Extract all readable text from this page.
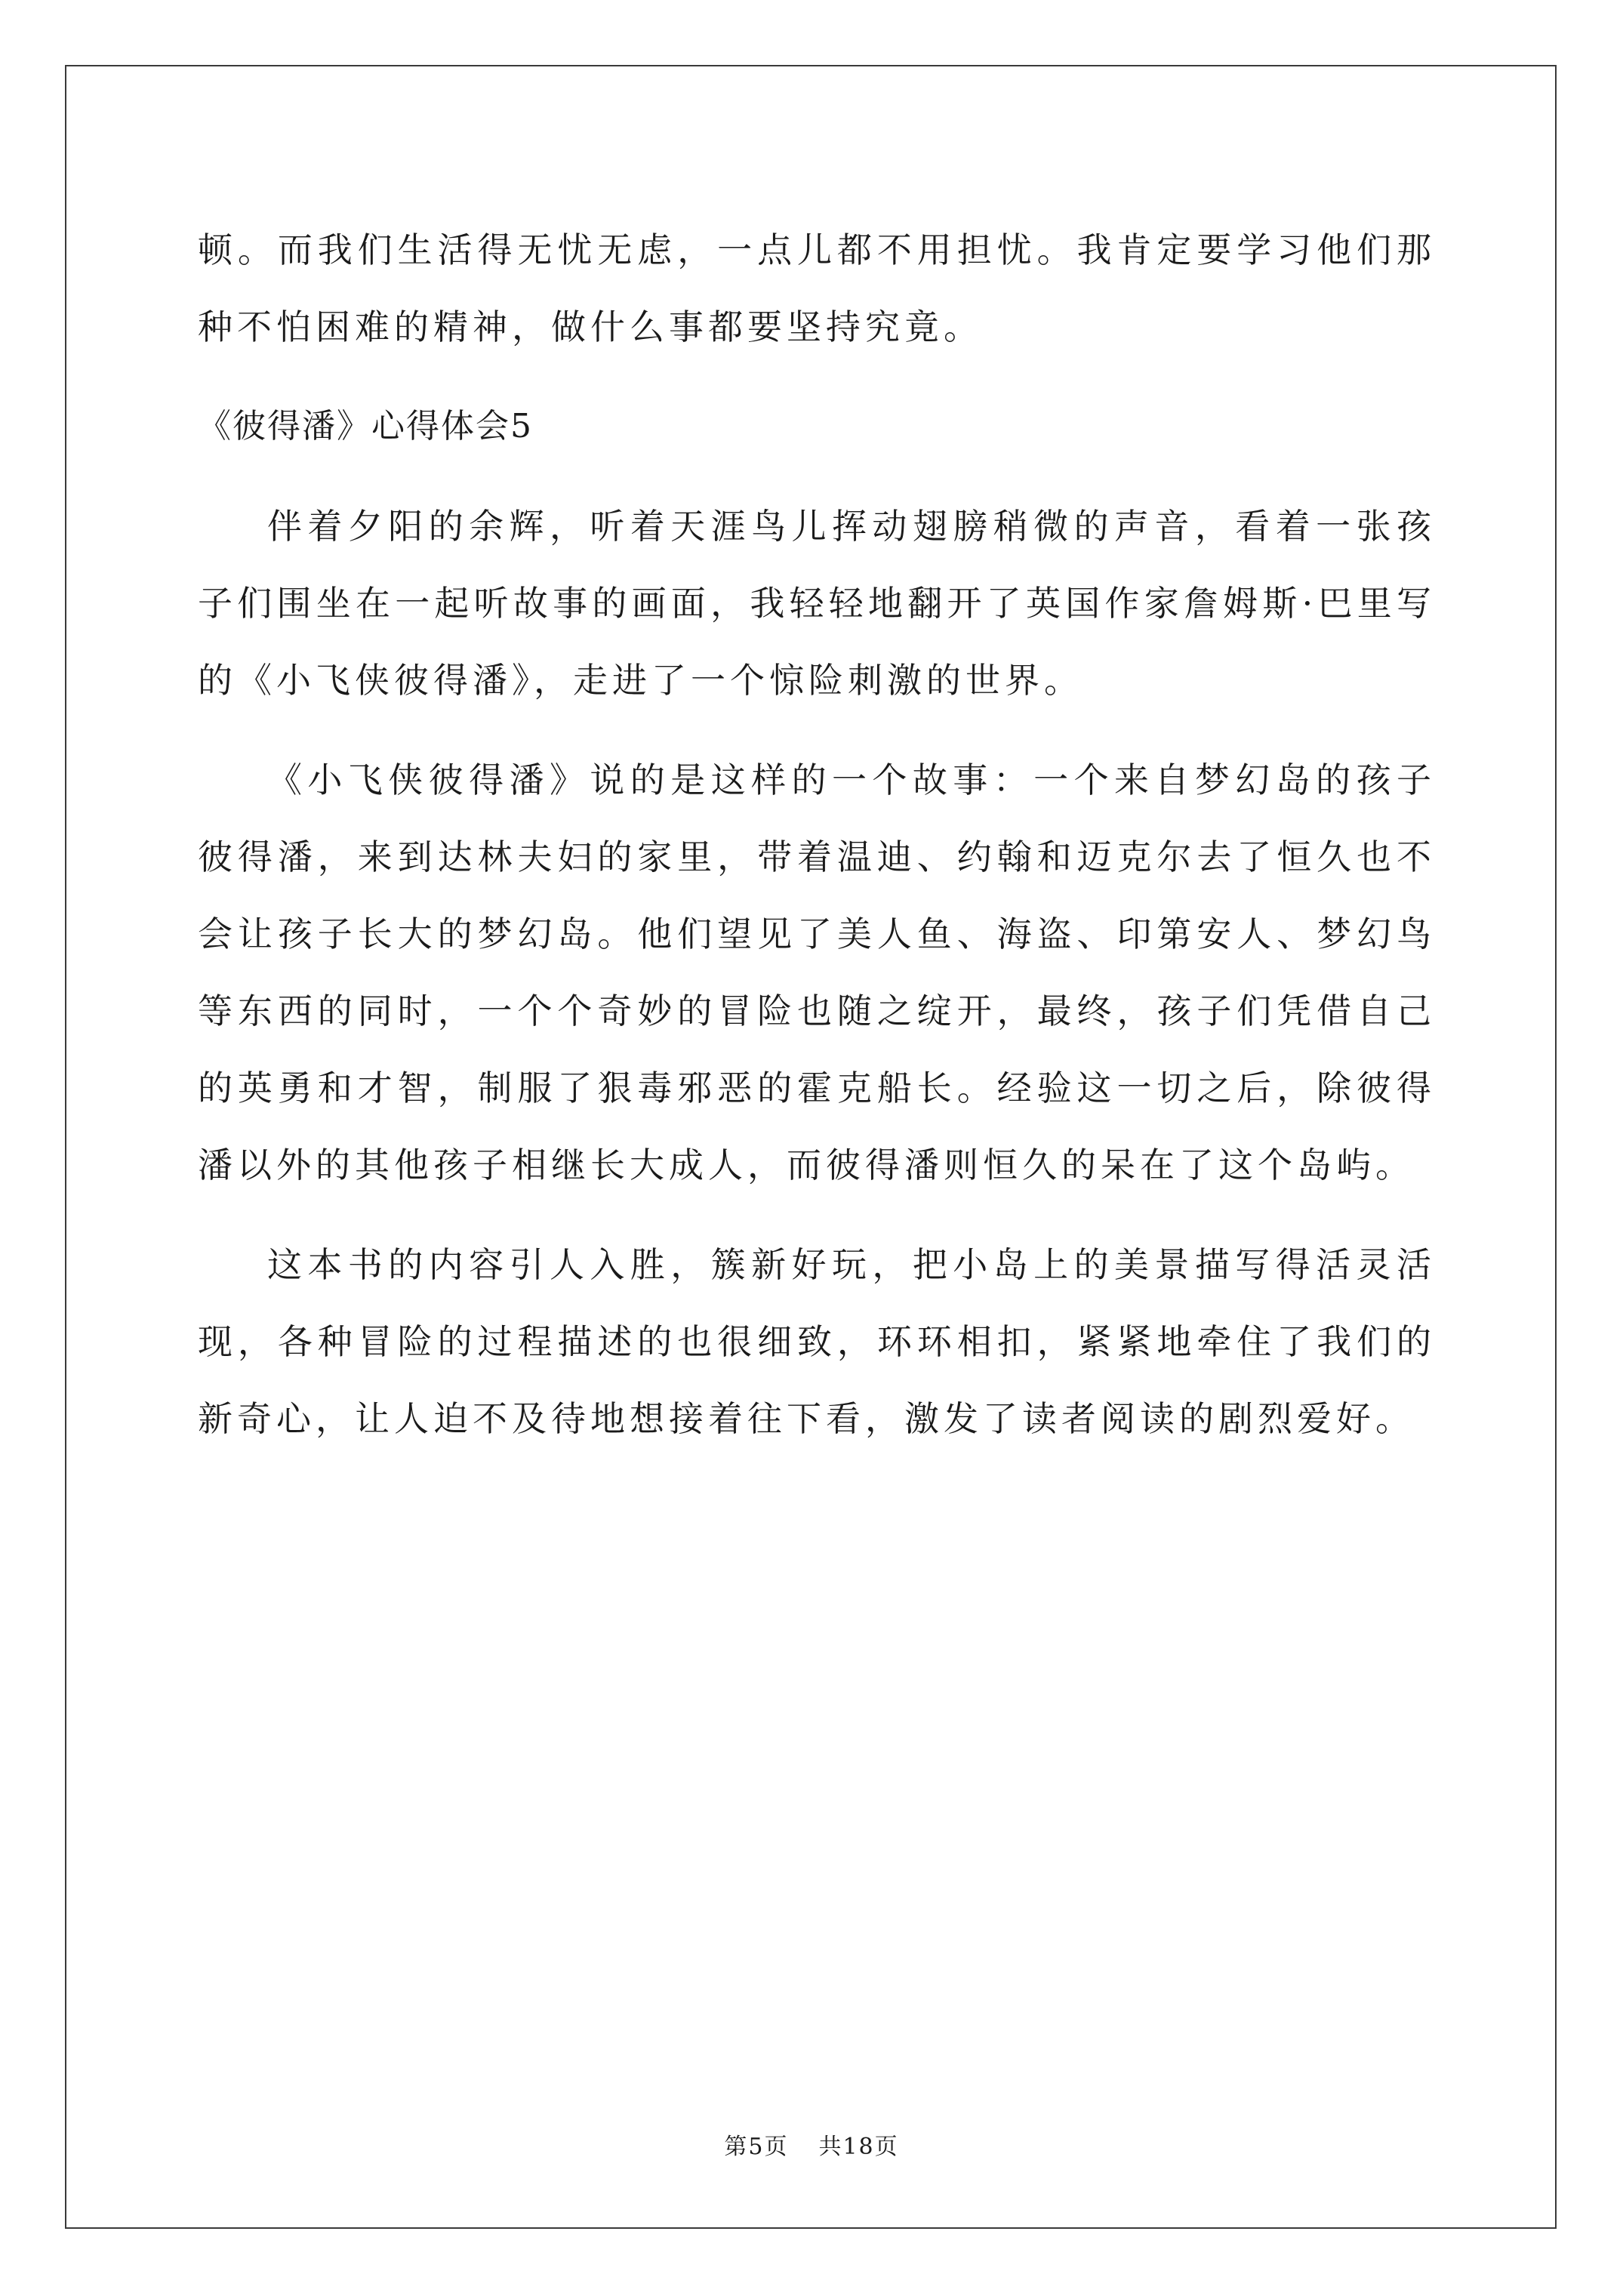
顿。而我们生活得无忧无虑，一点儿都不用担忧。我肯定要学习他们那种不怕困难的精神，做什么事都要坚持究竟。

《彼得潘》心得体会5

伴着夕阳的余辉，听着天涯鸟儿挥动翅膀稍微的声音，看着一张孩子们围坐在一起听故事的画面，我轻轻地翻开了英国作家詹姆斯·巴里写的《小飞侠彼得潘》，走进了一个惊险刺激的世界。

《小飞侠彼得潘》说的是这样的一个故事：一个来自梦幻岛的孩子彼得潘，来到达林夫妇的家里，带着温迪、约翰和迈克尔去了恒久也不会让孩子长大的梦幻岛。他们望见了美人鱼、海盗、印第安人、梦幻鸟等东西的同时，一个个奇妙的冒险也随之绽开，最终，孩子们凭借自己的英勇和才智，制服了狠毒邪恶的霍克船长。经验这一切之后，除彼得潘以外的其他孩子相继长大成人，而彼得潘则恒久的呆在了这个岛屿。

这本书的内容引人入胜，簇新好玩，把小岛上的美景描写得活灵活现，各种冒险的过程描述的也很细致，环环相扣，紧紧地牵住了我们的新奇心，让人迫不及待地想接着往下看，激发了读者阅读的剧烈爱好。

第5页 共18页
